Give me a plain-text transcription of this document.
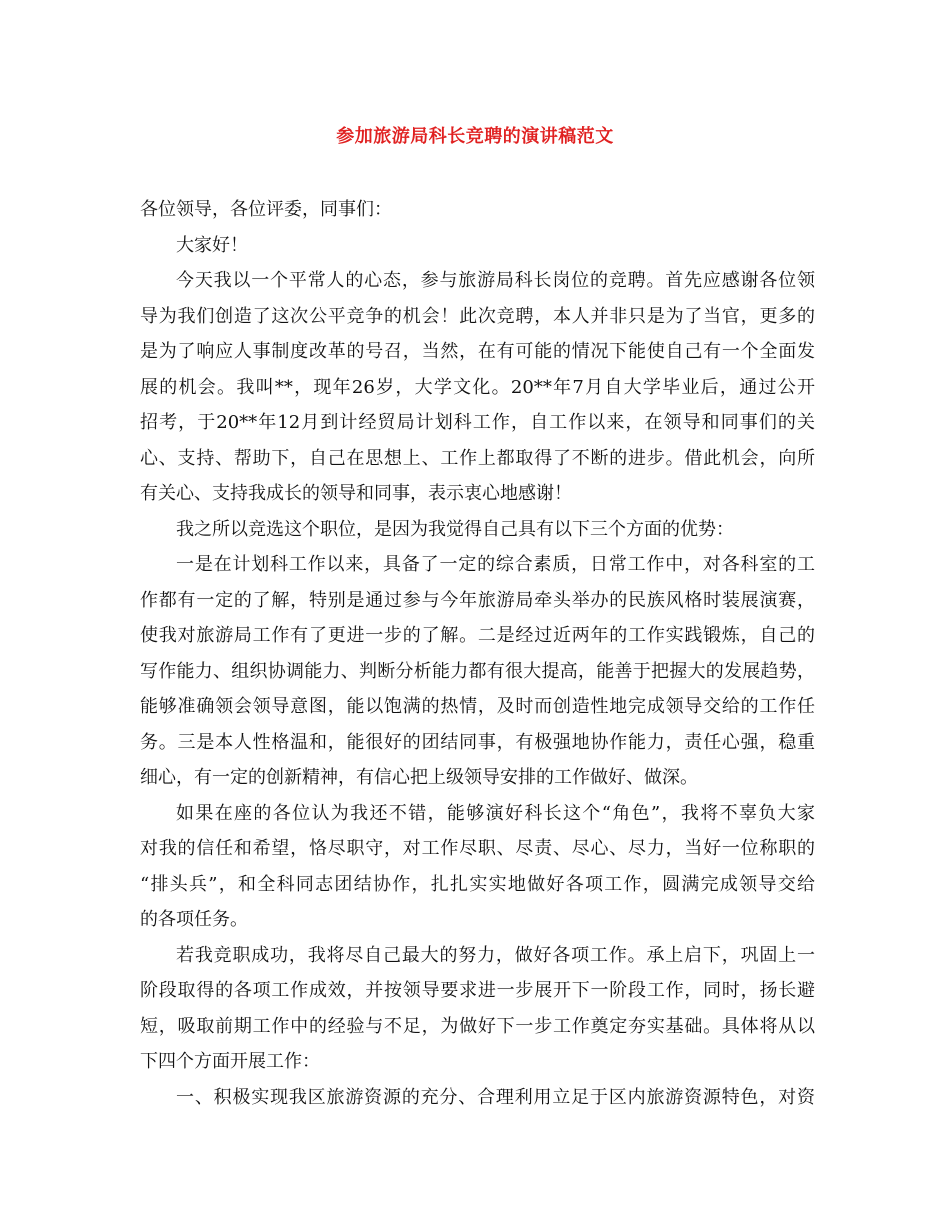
参加旅游局科长竞聘的演讲稿范文
各位领导，各位评委，同事们：
大家好！
今天我以一个平常人的心态，参与旅游局科长岗位的竞聘。首先应感谢各位领
导为我们创造了这次公平竞争的机会！此次竞聘，本人并非只是为了当官，更多的
是为了响应人事制度改革的号召，当然，在有可能的情况下能使自己有一个全面发
展的机会。我叫**，现年26岁，大学文化。20**年7月自大学毕业后，通过公开
招考，于20**年12月到计经贸局计划科工作，自工作以来，在领导和同事们的关
心、支持、帮助下，自己在思想上、工作上都取得了不断的进步。借此机会，向所
有关心、支持我成长的领导和同事，表示衷心地感谢！
我之所以竞选这个职位，是因为我觉得自己具有以下三个方面的优势：
一是在计划科工作以来，具备了一定的综合素质，日常工作中，对各科室的工
作都有一定的了解，特别是通过参与今年旅游局牵头举办的民族风格时装展演赛，
使我对旅游局工作有了更进一步的了解。二是经过近两年的工作实践锻炼，自己的
写作能力、组织协调能力、判断分析能力都有很大提高，能善于把握大的发展趋势，
能够准确领会领导意图，能以饱满的热情，及时而创造性地完成领导交给的工作任
务。三是本人性格温和，能很好的团结同事，有极强地协作能力，责任心强，稳重
细心，有一定的创新精神，有信心把上级领导安排的工作做好、做深。
如果在座的各位认为我还不错，能够演好科长这个“角色”，我将不辜负大家
对我的信任和希望，恪尽职守，对工作尽职、尽责、尽心、尽力，当好一位称职的
“排头兵”，和全科同志团结协作，扎扎实实地做好各项工作，圆满完成领导交给
的各项任务。
若我竞职成功，我将尽自己最大的努力，做好各项工作。承上启下，巩固上一
阶段取得的各项工作成效，并按领导要求进一步展开下一阶段工作，同时，扬长避
短，吸取前期工作中的经验与不足，为做好下一步工作奠定夯实基础。具体将从以
下四个方面开展工作：
一、积极实现我区旅游资源的充分、合理利用立足于区内旅游资源特色，对资
